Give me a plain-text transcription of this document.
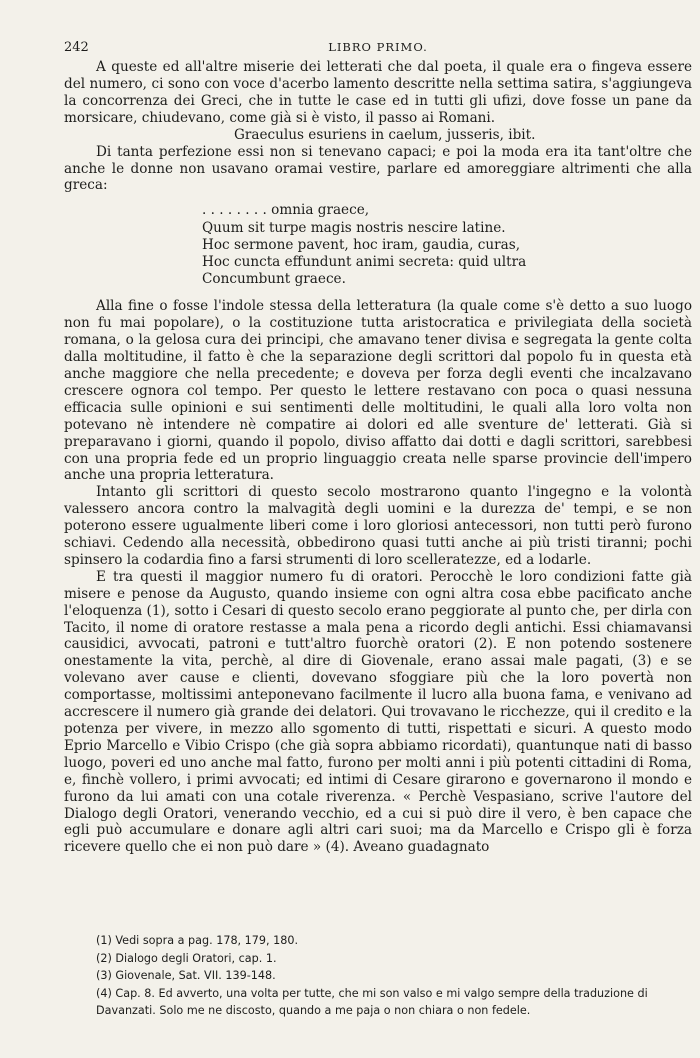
242	LIBRO PRIMO.

A queste ed all'altre miserie dei letterati che dal poeta, il quale era o fingeva essere del numero, ci sono con voce d'acerbo lamento descritte nella settima satira, s'aggiungeva la concorrenza dei Greci, che in tutte le case ed in tutti gli ufizi, dove fosse un pane da morsicare, chiudevano, come già si è visto, il passo ai Romani.

Graeculus esuriens in caelum, jusseris, ibit.

Di tanta perfezione essi non si tenevano capaci; e poi la moda era ita tant'oltre che anche le donne non usavano oramai vestire, parlare ed amoreggiare altrimenti che alla greca:

. . . . . . . . omnia graece,
Quum sit turpe magis nostris nescire latine.
Hoc sermone pavent, hoc iram, gaudia, curas,
Hoc cuncta effundunt animi secreta: quid ultra
Concumbunt graece.

Alla fine o fosse l'indole stessa della letteratura (la quale come s'è detto a suo luogo non fu mai popolare), o la costituzione tutta aristocratica e privilegiata della società romana, o la gelosa cura dei principi, che amavano tener divisa e segregata la gente colta dalla moltitudine, il fatto è che la separazione degli scrittori dal popolo fu in questa età anche maggiore che nella precedente; e doveva per forza degli eventi che incalzavano crescere ognora col tempo. Per questo le lettere restavano con poca o quasi nessuna efficacia sulle opinioni e sui sentimenti delle moltitudini, le quali alla loro volta non potevano nè intendere nè compatire ai dolori ed alle sventure de' letterati. Già si preparavano i giorni, quando il popolo, diviso affatto dai dotti e dagli scrittori, sarebbesi con una propria fede ed un proprio linguaggio creata nelle sparse provincie dell'impero anche una propria letteratura.

Intanto gli scrittori di questo secolo mostrarono quanto l'ingegno e la volontà valessero ancora contro la malvagità degli uomini e la durezza de' tempi, e se non poterono essere ugualmente liberi come i loro gloriosi antecessori, non tutti però furono schiavi. Cedendo alla necessità, obbedirono quasi tutti anche ai più tristi tiranni; pochi spinsero la codardia fino a farsi strumenti di loro scelleratezze, ed a lodarle.

E tra questi il maggior numero fu di oratori. Perocchè le loro condizioni fatte già misere e penose da Augusto, quando insieme con ogni altra cosa ebbe pacificato anche l'eloquenza (1), sotto i Cesari di questo secolo erano peggiorate al punto che, per dirla con Tacito, il nome di oratore restasse a mala pena a ricordo degli antichi. Essi chiamavansi causidici, avvocati, patroni e tutt'altro fuorchè oratori (2). E non potendo sostenere onestamente la vita, perchè, al dire di Giovenale, erano assai male pagati, (3) e se volevano aver cause e clienti, dovevano sfoggiare più che la loro povertà non comportasse, moltissimi anteponevano facilmente il lucro alla buona fama, e venivano ad accrescere il numero già grande dei delatori. Qui trovavano le ricchezze, qui il credito e la potenza per vivere, in mezzo allo sgomento di tutti, rispettati e sicuri. A questo modo Eprio Marcello e Vibio Crispo (che già sopra abbiamo ricordati), quantunque nati di basso luogo, poveri ed uno anche mal fatto, furono per molti anni i più potenti cittadini di Roma, e, finchè vollero, i primi avvocati; ed intimi di Cesare girarono e governarono il mondo e furono da lui amati con una cotale riverenza. « Perchè Vespasiano, scrive l'autore del Dialogo degli Oratori, venerando vecchio, ed a cui si può dire il vero, è ben capace che egli può accumulare e donare agli altri cari suoi; ma da Marcello e Crispo gli è forza ricevere quello che ei non può dare » (4). Aveano guadagnato

(1) Vedi sopra a pag. 178, 179, 180.
(2) Dialogo degli Oratori, cap. 1.
(3) Giovenale, Sat. VII. 139-148.
(4) Cap. 8. Ed avverto, una volta per tutte, che mi son valso e mi valgo sempre della traduzione di Davanzati. Solo me ne discosto, quando a me paja o non chiara o non fedele.
